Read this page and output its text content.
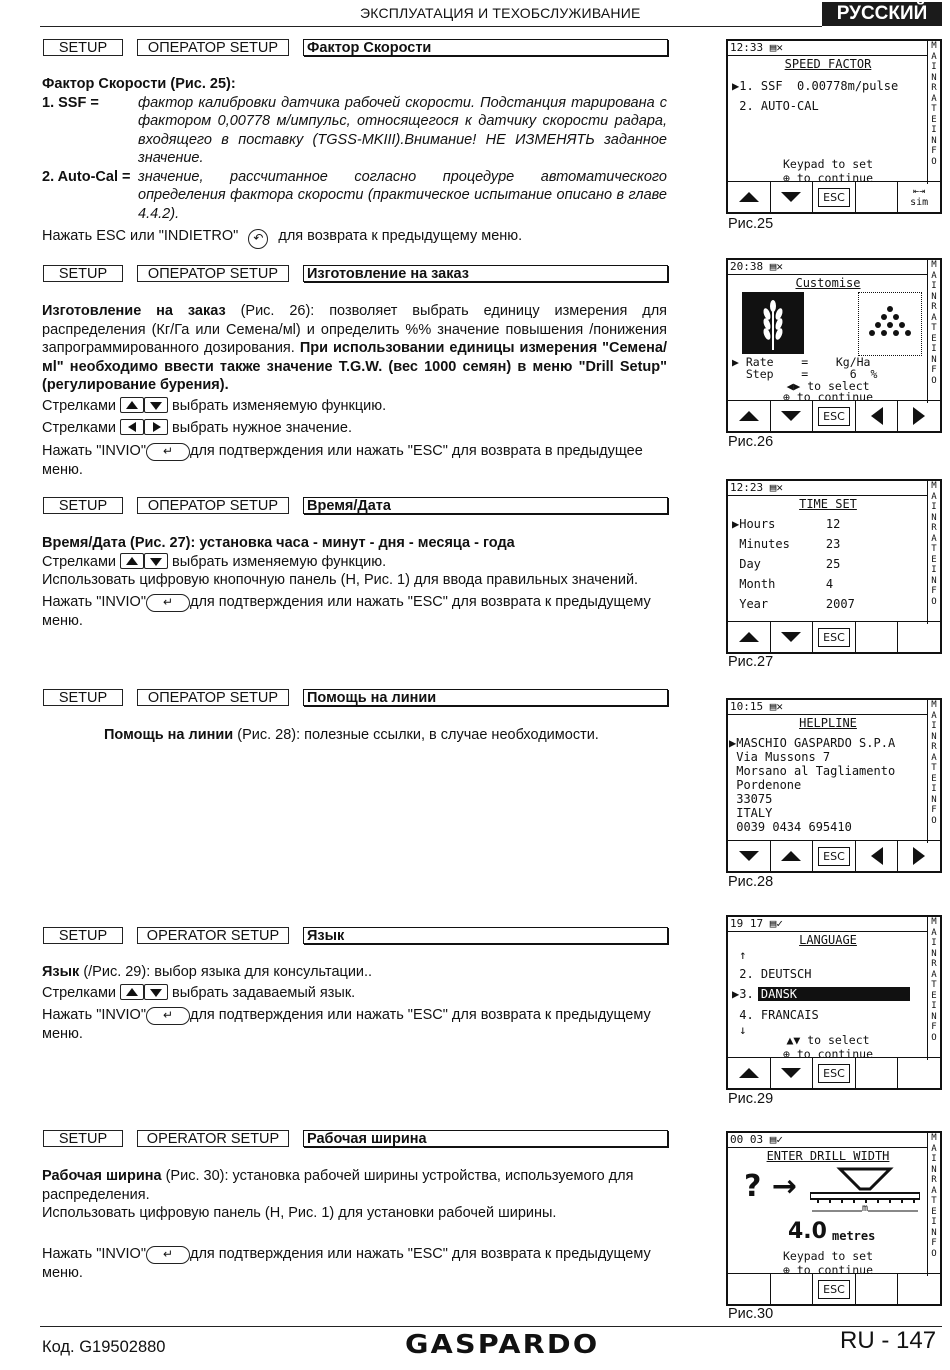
ЭКСПЛУАТАЦИЯ И ТЕХОБСЛУЖИВАНИЕ	РУССКИЙ
SETUP	ОПЕРАТОР SETUP	Фактор Скорости
Фактор Скорости (Рис. 25):
1. SSF =	фактор калибровки датчика рабочей скорости. Подстанция тарирована с фактором 0,00778 м/импульс, относящегося к датчику скорости радара, входящего в поставку (TGSS-MKIII).Внимание! НЕ ИЗМЕНЯТЬ заданное значение.
2. Auto-Cal = значение, рассчитанное согласно процедуре автоматического определения фактора скорости (практическое испытание описано в главе 4.4.2).
Нажать ESC или "INDIETRO" ↶ для возврата к предыдущему меню.
SETUP	ОПЕРАТОР SETUP	Изготовление на заказ
Изготовление на заказ (Рис. 26): позволяет выбрать единицу измерения для распределения (Кг/Га или Семена/мl) и определить %% значение повышения /понижения запрограммированного дозирования. При использовании единицы измерения "Семена/мl" необходимо ввести также значение T.G.W. (вес 1000 семян) в меню "Drill Setup" (регулирование бурения).
Стрелками	выбрать изменяемую функцию.
Стрелками	выбрать нужное значение.
Нажать "INVIO" ↵ для подтверждения или нажать "ESC" для возврата в предыдущее меню.
SETUP	ОПЕРАТОР SETUP	Время/Дата
Время/Дата (Рис. 27): установка часа - минут - дня - месяца - года
Стрелками	выбрать изменяемую функцию.
Использовать цифровую кнопочную панель (H, Рис. 1) для ввода правильных значений.
Нажать "INVIO" ↵ для подтверждения или нажать "ESC" для возврата к предыдущему меню.
SETUP	ОПЕРАТОР SETUP	Помощь на линии
Помощь на линии (Рис. 28): полезные ссылки, в случае необходимости.
SETUP	OPERATOR SETUP	Язык
Язык (/Рис. 29): выбор языка для консультации..
Стрелками	выбрать задаваемый язык.
Нажать "INVIO" ↵ для подтверждения или нажать "ESC" для возврата к предыдущему меню.
SETUP	OPERATOR SETUP	Рабочая ширина
Рабочая ширина (Рис. 30): установка рабочей ширины устройства, используемого для распределения.
Использовать цифровую панель (H, Рис. 1) для установки рабочей ширины.
Нажать "INVIO" ↵ для подтверждения или нажать "ESC" для возврата к предыдущему меню.
12:33 ▤✕	M
A
I
N
R
A
T
E
I
N
F
O
SPEED FACTOR
▶1. SSF  0.00778m/pulse
2. AUTO-CAL
Keypad to set
⊕ to continue
ESC	⇤⇥
sim
Рис.25
20:38 ▤✕	M
A
I
N
R
A
T
E
I
N
F
O
Customise
▶ Rate    =    Kg/Ha
Step    =      6  %
◀▶ to select
⊕ to continue
ESC
Рис.26
12:23 ▤✕	M
A
I
N
R
A
T
E
I
N
F
O
TIME SET
▶Hours       12
Minutes     23
Day         25
Month       4
Year        2007
ESC
Рис.27
10:15 ▤✕	M
A
I
N
R
A
T
E
I
N
F
O
HELPLINE
▶MASCHIO GASPARDO S.P.A
Via Mussons 7
Morsano al Tagliamento
Pordenone
33075
ITALY
0039 0434 695410
ESC
Рис.28
19 17 ▤✓	M
A
I
N
R
A
T
E
I
N
F
O
LANGUAGE
↑
2. DEUTSCH
▶3. DANSK
4. FRANCAIS
↓
▲▼ to select
⊕ to continue
ESC
Рис.29
00 03 ▤✓	M
A
I
N
R
A
T
E
I
N
F
O
ENTER DRILL WIDTH
? →
m
4.0 metres
Keypad to set
⊕ to continue
ESC
Рис.30
Код. G19502880	GASPARDO	RU - 147
